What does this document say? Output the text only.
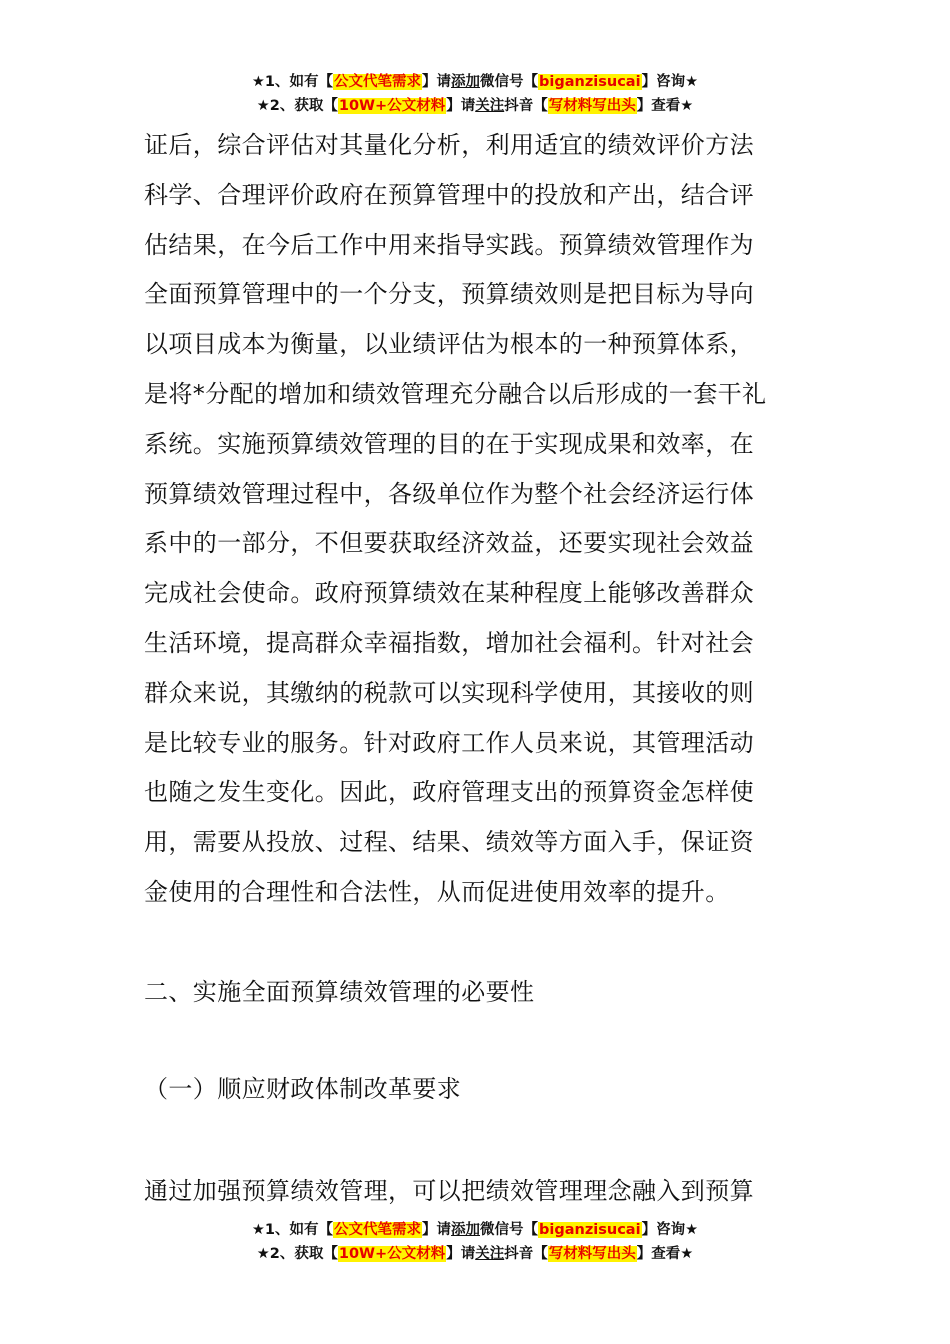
★1、如有【公文代笔需求】请添加微信号【biganzisucai】咨询★
★2、获取【10W+公文材料】请关注抖音【写材料写出头】查看★

证后，综合评估对其量化分析，利用适宜的绩效评价方法
科学、合理评价政府在预算管理中的投放和产出，结合评
估结果，在今后工作中用来指导实践。预算绩效管理作为
全面预算管理中的一个分支，预算绩效则是把目标为导向
以项目成本为衡量，以业绩评估为根本的一种预算体系，
是将*分配的增加和绩效管理充分融合以后形成的一套干礼
系统。实施预算绩效管理的目的在于实现成果和效率，在
预算绩效管理过程中，各级单位作为整个社会经济运行体
系中的一部分，不但要获取经济效益，还要实现社会效益
完成社会使命。政府预算绩效在某种程度上能够改善群众
生活环境，提高群众幸福指数，增加社会福利。针对社会
群众来说，其缴纳的税款可以实现科学使用，其接收的则
是比较专业的服务。针对政府工作人员来说，其管理活动
也随之发生变化。因此，政府管理支出的预算资金怎样使
用，需要从投放、过程、结果、绩效等方面入手，保证资
金使用的合理性和合法性，从而促进使用效率的提升。

二、实施全面预算绩效管理的必要性
（一）顺应财政体制改革要求

通过加强预算绩效管理，可以把绩效管理理念融入到预算

★1、如有【公文代笔需求】请添加微信号【biganzisucai】咨询★
★2、获取【10W+公文材料】请关注抖音【写材料写出头】查看★
